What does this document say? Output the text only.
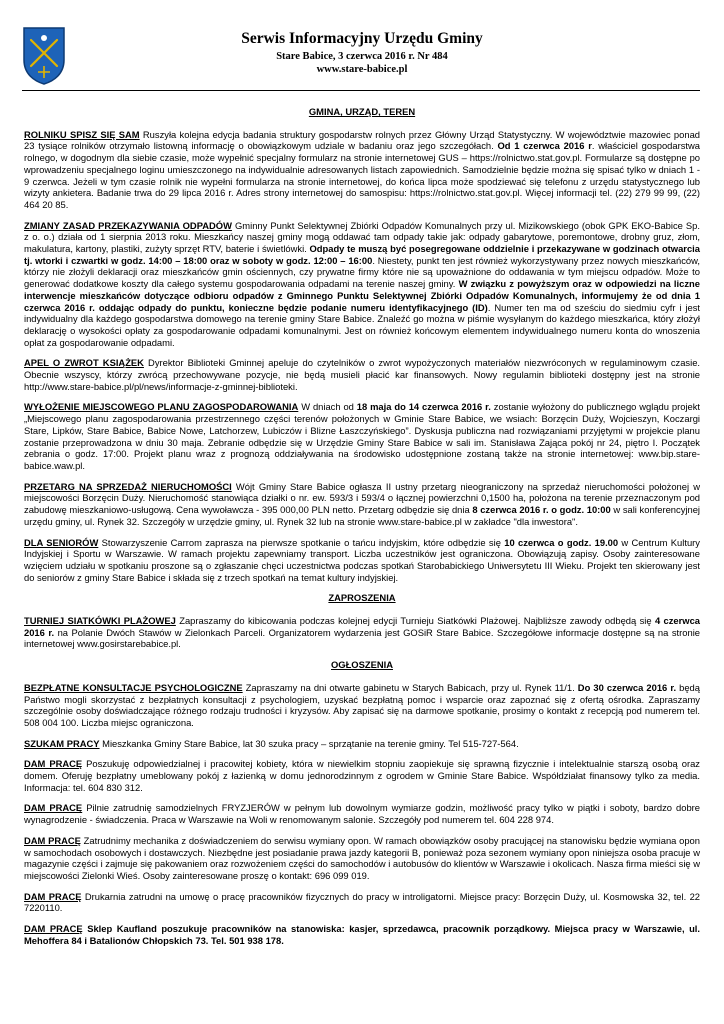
Serwis Informacyjny Urzędu Gminy
Stare Babice, 3 czerwca 2016 r. Nr 484
www.stare-babice.pl
GMINA, URZĄD, TEREN

ROLNIKU SPISZ SIĘ SAM Ruszyła kolejna edycja badania struktury gospodarstw rolnych przez Główny Urząd Statystyczny. W województwie mazowiec ponad 23 tysiące rolników otrzymało listowną informację o obowiązkowym udziale w badaniu oraz jego szczegółach. Od 1 czerwca 2016 r. właściciel gospodarstwa rolnego, w dogodnym dla siebie czasie, może wypełnić specjalny formularz na stronie internetowej GUS – https://rolnictwo.stat.gov.pl. Formularze są dostępne po wprowadzeniu specjalnego loginu umieszczonego na indywidualnie adresowanych listach zapowiednich. Samodzielnie będzie można się spisać tylko w dniach 1 - 9 czerwca. Jeżeli w tym czasie rolnik nie wypełni formularza na stronie internetowej, do końca lipca może spodziewać się telefonu z urzędu statystycznego lub wizyty ankietera. Badanie trwa do 29 lipca 2016 r. Adres strony internetowej do samospisu: https://rolnictwo.stat.gov.pl. Więcej informacji tel. (22) 279 99 99, (22) 464 20 85.

ZMIANY ZASAD PRZEKAZYWANIA ODPADÓW Gminny Punkt Selektywnej Zbiórki Odpadów Komunalnych przy ul. Mizikowskiego (obok GPK EKO-Babice Sp. z o. o.) działa od 1 sierpnia 2013 roku. Mieszkańcy naszej gminy mogą oddawać tam odpady takie jak: odpady gabarytowe, poremontowe, drobny gruz, złom, makulatura, kartony, plastiki, zużyty sprzęt RTV, baterie i świetlówki. Odpady te muszą być posegregowane oddzielnie i przekazywane w godzinach otwarcia tj. wtorki i czwartki w godz. 14:00 – 18:00 oraz w soboty w godz. 12:00 – 16:00. Niestety, punkt ten jest również wykorzystywany przez nowych mieszkańców, którzy nie złożyli deklaracji oraz mieszkańców gmin ościennych, czy prywatne firmy które nie są upoważnione do oddawania w tym miejscu odpadów. Może to generować dodatkowe koszty dla całego systemu gospodarowania odpadami na terenie naszej gminy. W związku z powyższym oraz w odpowiedzi na liczne interwencje mieszkańców dotyczące odbioru odpadów z Gminnego Punktu Selektywnej Zbiórki Odpadów Komunalnych, informujemy że od dnia 1 czerwca 2016 r. oddając odpady do punktu, konieczne będzie podanie numeru identyfikacyjnego (ID). Numer ten ma od sześciu do siedmiu cyfr i jest indywidualny dla każdego gospodarstwa domowego na terenie gminy Stare Babice. Znaleźć go można w piśmie wysyłanym do każdego mieszkańca, który złożył deklarację o wysokości opłaty za gospodarowanie odpadami komunalnymi. Jest on również końcowym elementem indywidualnego numeru konta do wnoszenia opłat za gospodarowanie odpadami.

APEL O ZWROT KSIĄŻEK Dyrektor Biblioteki Gminnej apeluje do czytelników o zwrot wypożyczonych materiałów niezwróconych w regulaminowym czasie. Obecnie wszyscy, którzy zwrócą przechowywane pozycje, nie będą musieli płacić kar finansowych. Nowy regulamin biblioteki dostępny jest na stronie http://www.stare-babice.pl/pl/news/informacje-z-gminnej-biblioteki.

WYŁOŻENIE MIEJSCOWEGO PLANU ZAGOSPODAROWANIA W dniach od 18 maja do 14 czerwca 2016 r. zostanie wyłożony do publicznego wglądu projekt „Miejscowego planu zagospodarowania przestrzennego części terenów położonych w Gminie Stare Babice, we wsiach: Borzęcin Duży, Wojcieszyn, Koczargi Stare, Lipków, Stare Babice, Babice Nowe, Latchorzew, Lubiczów i Blizne Łaszczyńskiego”. Dyskusja publiczna nad rozwiązaniami przyjętymi w projekcie planu zostanie przeprowadzona w dniu 30 maja. Zebranie odbędzie się w Urzędzie Gminy Stare Babice w sali im. Stanisława Zająca pokój nr 24, piętro I. Początek zebrania o godz. 17:00. Projekt planu wraz z prognozą oddziaływania na środowisko udostępnione zostaną także na stronie internetowej: www.bip.stare-babice.waw.pl.

PRZETARG NA SPRZEDAŻ NIERUCHOMOŚCI Wójt Gminy Stare Babice ogłasza II ustny przetarg nieograniczony na sprzedaż nieruchomości położonej w miejscowości Borzęcin Duży. Nieruchomość stanowiąca działki o nr. ew. 593/3 i 593/4 o łącznej powierzchni 0,1500 ha, położona na terenie przeznaczonym pod zabudowę mieszkaniowo-usługową. Cena wywoławcza - 395 000,00 PLN netto. Przetarg odbędzie się dnia 8 czerwca 2016 r. o godz. 10:00 w sali konferencyjnej urzędu gminy, ul. Rynek 32. Szczegóły w urzędzie gminy, ul. Rynek 32 lub na stronie www.stare-babice.pl w zakładce "dla inwestora".

DLA SENIORÓW Stowarzyszenie Carrom zaprasza na pierwsze spotkanie o tańcu indyjskim, które odbędzie się 10 czerwca o godz. 19.00 w Centrum Kultury Indyjskiej i Sportu w Warszawie. W ramach projektu zapewniamy transport. Liczba uczestników jest ograniczona. Obowiązują zapisy. Osoby zainteresowane wzięciem udziału w spotkaniu proszone są o zgłaszanie chęci uczestnictwa podczas spotkań Starobabickiego Uniwersytetu III Wieku. Projekt ten skierowany jest do seniorów z gminy Stare Babice i składa się z trzech spotkań na temat kultury indyjskiej.

ZAPROSZENIA

TURNIEJ SIATKÓWKI PLAŻOWEJ Zapraszamy do kibicowania podczas kolejnej edycji Turnieju Siatkówki Plażowej. Najbliższe zawody odbędą się 4 czerwca 2016 r. na Polanie Dwóch Stawów w Zielonkach Parceli. Organizatorem wydarzenia jest GOSiR Stare Babice. Szczegółowe informacje dostępne są na stronie internetowej www.gosirstarebabice.pl.

OGŁOSZENIA

BEZPŁATNE KONSULTACJE PSYCHOLOGICZNE Zapraszamy na dni otwarte gabinetu w Starych Babicach, przy ul. Rynek 11/1. Do 30 czerwca 2016 r. będą Państwo mogli skorzystać z bezpłatnych konsultacji z psychologiem, uzyskać bezpłatną pomoc i wsparcie oraz zapoznać się z ofertą ośrodka. Zapraszamy szczególnie osoby doświadczające różnego rodzaju trudności i kryzysów. Aby zapisać się na darmowe spotkanie, prosimy o kontakt z recepcją pod numerem tel. 508 004 100. Liczba miejsc ograniczona.

SZUKAM PRACY Mieszkanka Gminy Stare Babice, lat 30 szuka pracy – sprzątanie na terenie gminy. Tel 515-727-564.

DAM PRACĘ Poszukuję odpowiedzialnej i pracowitej kobiety, która w niewielkim stopniu zaopiekuje się sprawną fizycznie i intelektualnie starszą osobą oraz domem. Oferuję bezpłatny umeblowany pokój z łazienką w domu jednorodzinnym z ogrodem w Gminie Stare Babice. Współdziałat finansowy tylko za media. Informacja: tel. 604 830 312.

DAM PRACĘ Pilnie zatrudnię samodzielnych FRYZJERÓW w pełnym lub dowolnym wymiarze godzin, możliwość pracy tylko w piątki i soboty, bardzo dobre wynagrodzenie - świadczenia. Praca w Warszawie na Woli w renomowanym salonie. Szczegóły pod numerem tel. 604 228 974.

DAM PRACĘ Zatrudnimy mechanika z doświadczeniem do serwisu wymiany opon. W ramach obowiązków osoby pracującej na stanowisku będzie wymiana opon w samochodach osobowych i dostawczych. Niezbędne jest posiadanie prawa jazdy kategorii B, ponieważ poza sezonem wymiany opon niniejsza osoba pracuje w magazynie części i zajmuje się pakowaniem oraz rozwożeniem części do samochodów i autobusów do klientów w Warszawie i okolicach. Nasza firma mieści się w miejscowości Zielonki Wieś. Osoby zainteresowane proszę o kontakt: 696 099 019.

DAM PRACĘ Drukarnia zatrudni na umowę o pracę pracowników fizycznych do pracy w introligatorni. Miejsce pracy: Borzęcin Duży, ul. Kosmowska 32, tel. 22 7220110.

DAM PRACĘ Sklep Kaufland poszukuje pracowników na stanowiska: kasjer, sprzedawca, pracownik porządkowy. Miejsca pracy w Warszawie, ul. Mehoffera 84 i Batalionów Chłopskich 73. Tel. 501 938 178.
